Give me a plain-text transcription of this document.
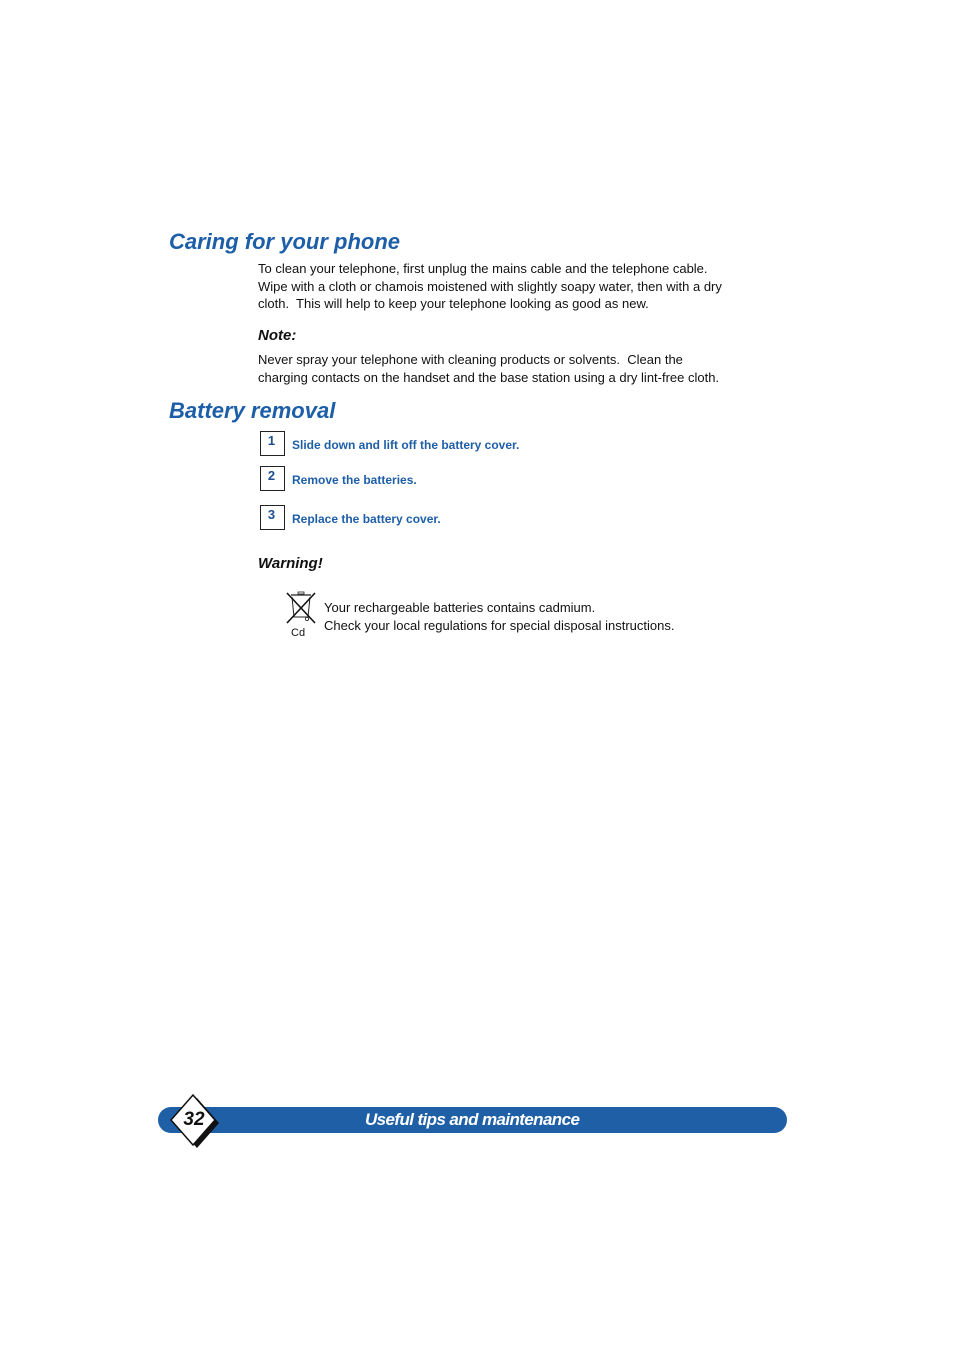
Caring for your phone
To clean your telephone, first unplug the mains cable and the telephone cable.
Wipe with a cloth or chamois moistened with slightly soapy water, then with a dry
cloth.  This will help to keep your telephone looking as good as new.
Note:
Never spray your telephone with cleaning products or solvents.  Clean the
charging contacts on the handset and the base station using a dry lint-free cloth.
Battery removal
1	Slide down and lift off the battery cover.
2	Remove the batteries.
3	Replace the battery cover.
Warning!
Cd
Your rechargeable batteries contains cadmium.
Check your local regulations for special disposal instructions.
Useful tips and maintenance
32
